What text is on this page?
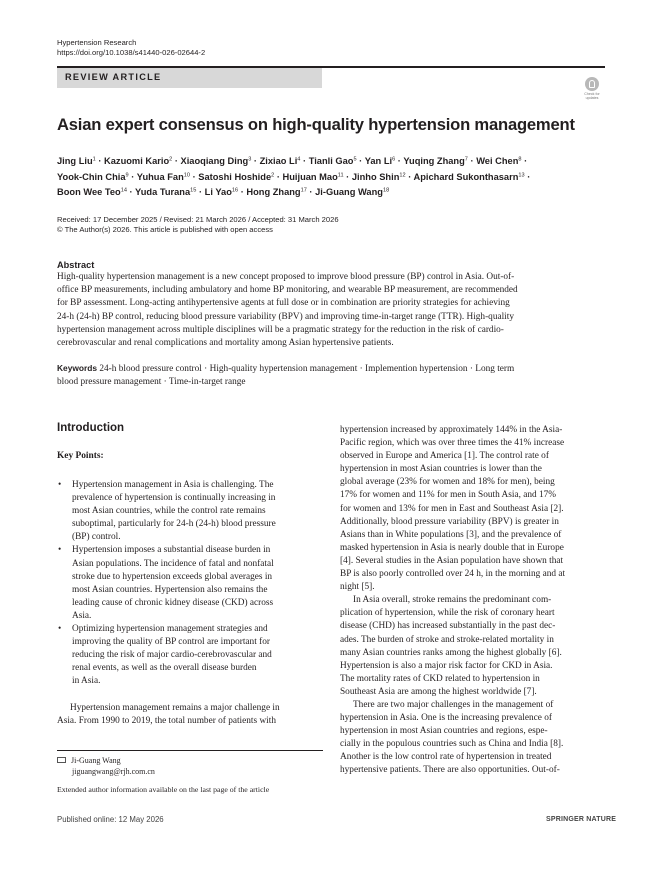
Hypertension Research
https://doi.org/10.1038/s41440-026-02644-2
REVIEW ARTICLE
Check for
updates
Asian expert consensus on high-quality hypertension management
Jing Liu$^1$ · Kazuomi Kario$^2$ · Xiaoqiang Ding$^3$ · Zixiao $Li^4$ · Tianli Gao$^5$ · Yan $Li^6$ · Yuqing Zhang$^7$ · Wei Chen$^8$ ·
Yook-Chin Chia$^9$ · Yuhua Fan$^{10}$ · Satoshi Hoshide$^2$ · Huijuan Mao$^{11}$ · Jinho Shin$^{12}$ · Apichard Sukonthasarn$^{13}$ ·
Boon Wee Teo$^{14}$ · Yuda Turana$^{15}$ · Li Yao$^{16}$ · Hong Zhang$^{17}$ · Ji-Guang Wang$^{18}$
Received: 17 December 2025 / Revised: 21 March 2026 / Accepted: 31 March 2026
© The Author(s) 2026. This article is published with open access
Abstract
High-quality hypertension management is a new concept proposed to improve blood pressure (BP) control in Asia. Out-of-
office BP measurements, including ambulatory and home BP monitoring, and wearable BP measurement, are recommended
for BP assessment. Long-acting antihypertensive agents at full dose or in combination are priority strategies for achieving
24-h (24-h) BP control, reducing blood pressure variability (BPV) and improving time-in-target range (TTR). High-quality
hypertension management across multiple disciplines will be a pragmatic strategy for the reduction in the risk of cardio-
cerebrovascular and renal complications and mortality among Asian hypertensive patients.
Keywords 24-h blood pressure control · High-quality hypertension management · Implemention hypertension · Long term
blood pressure management · Time-in-target range
Introduction
Key Points:
• Hypertension management in Asia is challenging. The
prevalence of hypertension is continually increasing in
most Asian countries, while the control rate remains
suboptimal, particularly for 24-h (24-h) blood pressure
(BP) control.
• Hypertension imposes a substantial disease burden in
Asian populations. The incidence of fatal and nonfatal
stroke due to hypertension exceeds global averages in
most Asian countries. Hypertension also remains the
leading cause of chronic kidney disease (CKD) across
Asia.
• Optimizing hypertension management strategies and
improving the quality of BP control are important for
reducing the risk of major cardio-cerebrovascular and
renal events, as well as the overall disease burden
in Asia.
Hypertension management remains a major challenge in
Asia. From 1990 to 2019, the total number of patients with
hypertension increased by approximately 144% in the Asia-
Pacific region, which was over three times the 41% increase
observed in Europe and America [1]. The control rate of
hypertension in most Asian countries is lower than the
global average (23% for women and 18% for men), being
17% for women and 11% for men in South Asia, and 17%
for women and 13% for men in East and Southeast Asia [2].
Additionally, blood pressure variability (BPV) is greater in
Asians than in White populations [3], and the prevalence of
masked hypertension in Asia is nearly double that in Europe
[4]. Several studies in the Asian population have shown that
BP is also poorly controlled over 24 h, in the morning and at
night [5].
In Asia overall, stroke remains the predominant com-
plication of hypertension, while the risk of coronary heart
disease (CHD) has increased substantially in the past dec-
ades. The burden of stroke and stroke-related mortality in
many Asian countries ranks among the highest globally [6].
Hypertension is also a major risk factor for CKD in Asia.
The mortality rates of CKD related to hypertension in
Southeast Asia are among the highest worldwide [7].
There are two major challenges in the management of
hypertension in Asia. One is the increasing prevalence of
hypertension in most Asian countries and regions, espe-
cially in the populous countries such as China and India [8].
Another is the low control rate of hypertension in treated
hypertensive patients. There are also opportunities. Out-of-
Ji-Guang Wang
jiguangwang@rjh.com.cn
Extended author information available on the last page of the article
Published online: 12 May 2026	SPRINGER NATURE
